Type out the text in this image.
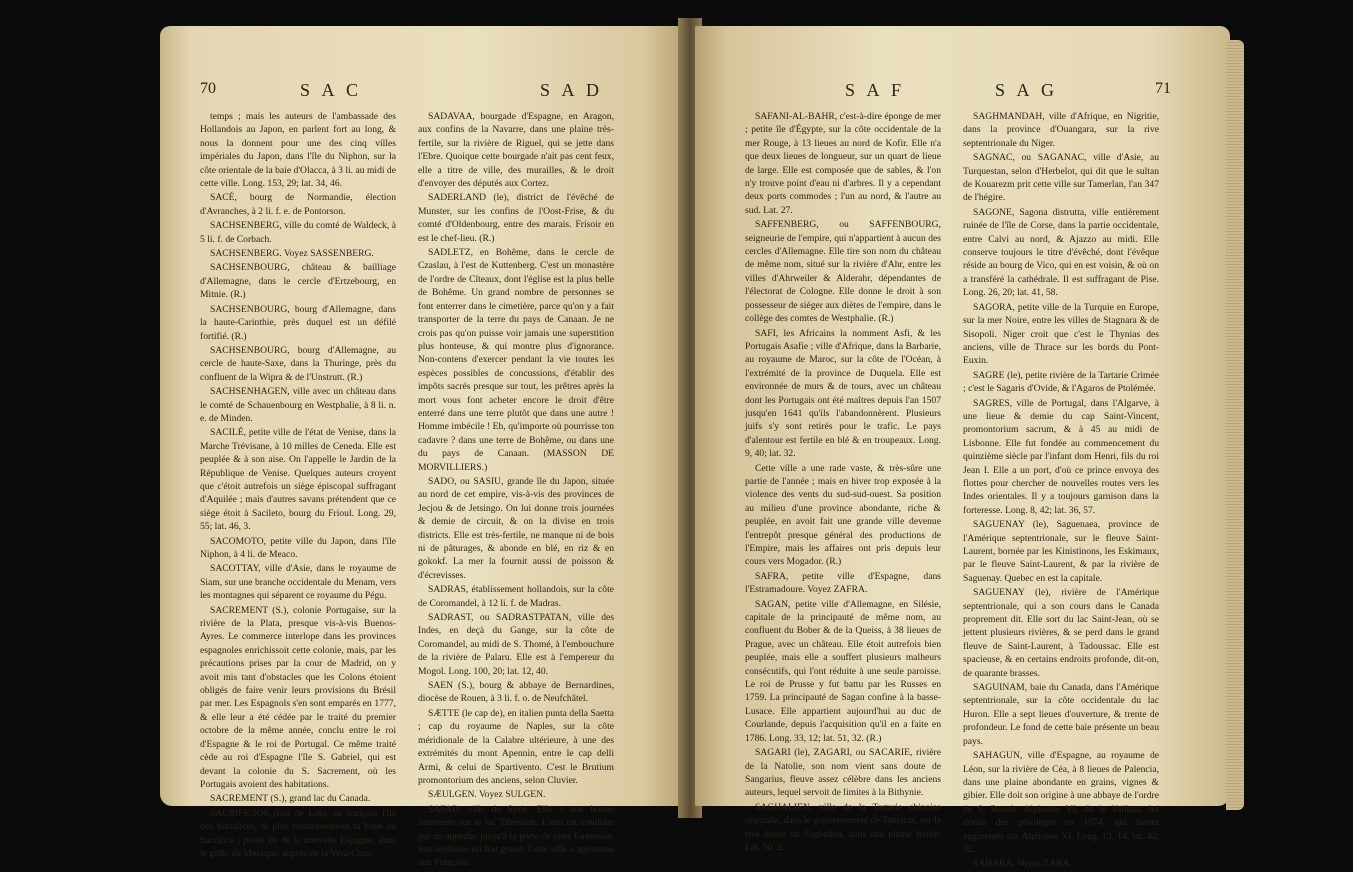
70	S A C	S A D

temps ; mais les auteurs de l'ambassade des Hollandois au Japon, en parlent fort au long, & nous la donnent pour une des cinq villes impériales du Japon, dans l'île du Niphon, sur la côte orientale de la baie d'Olacca, à 3 li. au midi de cette ville. Long. 153, 29; lat. 34, 46.

SACÉ, bourg de Normandie, élection d'Avranches, à 2 li. f. e. de Pontorson.

SACHSENBERG, ville du comté de Waldeck, à 5 li. f. de Corbach.

SACHSENBERG. Voyez SASSENBERG.

SACHSENBOURG, château & bailliage d'Allemagne, dans le cercle d'Ertzebourg, en Mitnie. (R.)

SACHSENBOURG, bourg d'Allemagne, dans la haute-Carinthie, près duquel est un défilé fortifié. (R.)

SACHSENBOURG, bourg d'Allemagne, au cercle de haute-Saxe, dans la Thuringe, près du confluent de la Wipra & de l'Unstrutt. (R.)

SACHSENHAGEN, ville avec un château dans le comté de Schauenbourg en Westphalie, à 8 li. n. e. de Minden.

SACILÉ, petite ville de l'état de Venise, dans la Marche Trévisane, à 10 milles de Ceneda. Elle est peuplée & à son aise. On l'appelle le Jardin de la République de Venise. Quelques auteurs croyent que c'étoit autrefois un siège épiscopal suffragant d'Aquilée ; mais d'autres savans prétendent que ce siège étoit à Sacileto, bourg du Frioul. Long. 29, 55; lat. 46, 3.

SACOMOTO, petite ville du Japon, dans l'île Niphon, à 4 li. de Meaco.

SACOTTAY, ville d'Asie, dans le royaume de Siam, sur une branche occidentale du Menam, vers les montagnes qui séparent ce royaume du Pégu.

SACREMENT (S.), colonie Portugaise, sur la rivière de la Plata, presque vis-à-vis Buenos-Ayres. Le commerce interlope dans les provinces espagnoles enrichissoit cette colonie, mais, par les précautions prises par la cour de Madrid, on y avoit mis tant d'obstacles que les Colons étoient obligés de faire venir leurs provisions du Brésil par mer. Les Espagnols s'en sont emparés en 1777, & elle leur a été cédée par le traité du premier octobre de la même année, conclu entre le roi d'Espagne & le roi de Portugal. Ce même traité cède au roi d'Espagne l'île S. Gabriel, qui est devant la colonie du S. Sacrement, où les Portugais avoient des habitations.

SACREMENT (S.), grand lac du Canada.

SACRIFICIOS (Isla de Los), en françois l'île des Sacrifices, & plus communément la baye du Sacrifice ; petite île de la nouvelle Espagne, dans le golfe du Mexique, auprès de la Vera-Cruz.

SADAVAA, bourgade d'Espagne, en Aragon, aux confins de la Navarre, dans une plaine très-fertile, sur la rivière de Riguel, qui se jette dans l'Ebre. Quoique cette bourgade n'ait pas cent feux, elle a titre de ville, des murailles, & le droit d'envoyer des députés aux Cortez.

SADERLAND (le), district de l'évêché de Munster, sur les confins de l'Oost-Frise, & du comté d'Oldenbourg, entre des marais. Frisoir en est le chef-lieu. (R.)

SADLETZ, en Bohême, dans le cercle de Czaslau, à l'est de Kuttenberg. C'est un monastère de l'ordre de Cîteaux, dont l'église est la plus belle de Bohême. Un grand nombre de personnes se font enterrer dans le cimetière, parce qu'on y a fait transporter de la terre du pays de Canaan. Je ne crois pas qu'on puisse voir jamais une superstition plus honteuse, & qui montre plus d'ignorance. Non-contens d'exercer pendant la vie toutes les espèces possibles de concussions, d'établir des impôts sacrés presque sur tout, les prêtres après la mort vous font acheter encore le droit d'être enterré dans une terre plutôt que dans une autre ! Homme imbécile ! Eh, qu'importe où pourrisse ton cadavre ? dans une terre de Bohême, ou dans une du pays de Canaan. (MASSON DE MORVILLIERS.)

SADO, ou SASIU, grande île du Japon, située au nord de cet empire, vis-à-vis des provinces de Jecjou & de Jetsingo. On lui donne trois journées & demie de circuit, & on la divise en trois districts. Elle est très-fertile, ne manque ni de bois ni de pâturages, & abonde en blé, en riz & en gokokf. La mer la fournit aussi de poisson & d'écrevisses.

SADRAS, établissement hollandois, sur la côte de Coromandel, à 12 li. f. de Madras.

SADRAST, ou SADRASTPATAN, ville des Indes, en deçà du Gange, sur la côte de Coromandel, au midi de S. Thomé, à l'embouchure de la rivière de Palaru. Elle est à l'empereur du Mogol. Long. 100, 20; lat. 12, 40.

SAEN (S.), bourg & abbaye de Bernardines, diocèse de Rouen, à 3 li. f. o. de Neufchâtel.

SÆTTE (le cap de), en italien punta della Saetta ; cap du royaume de Naples, sur la côte méridionale de la Calabre ultérieure, à une des extrémités du mont Apennin, entre le cap delli Armi, & celui de Spartivento. C'est le Brutium promontorium des anciens, selon Cluvier.

SÆULGEN. Voyez SULGEN.

SAFAD, ville de Syrie. Elle a une bonne forteresse sur le lac Tibériade. L'eau est conduite par un aqueduc jusqu'à la porte de cette forteresse. Son territoire est fort grand. Cette ville a appartenu aux François.

S A F	S A G	71

SAFANI-AL-BAHR, c'est-à-dire éponge de mer ; petite île d'Égypte, sur la côte occidentale de la mer Rouge, à 13 lieues au nord de Kofir. Elle n'a que deux lieues de longueur, sur un quart de lieue de large. Elle est composée que de sables, & l'on n'y trouve point d'eau ni d'arbres. Il y a cependant deux ports commodes ; l'un au nord, & l'autre au sud. Lat. 27.

SAFFENBERG, ou SAFFENBOURG, seigneurie de l'empire, qui n'appartient à aucun des cercles d'Allemagne. Elle tire son nom du château de même nom, situé sur la rivière d'Ahr, entre les villes d'Ahrweiler & Alderahr, dépendantes de l'électorat de Cologne. Elle donne le droit à son possesseur de siéger aux diètes de l'empire, dans le collège des comtes de Westphalie. (R.)

SAFI, les Africains la nomment Asfi, & les Portugais Asafie ; ville d'Afrique, dans la Barbarie, au royaume de Maroc, sur la côte de l'Océan, à l'extrémité de la province de Duquela. Elle est environnée de murs & de tours, avec un château dont les Portugais ont été maîtres depuis l'an 1507 jusqu'en 1641 qu'ils l'abandonnèrent. Plusieurs juifs s'y sont retirés pour le trafic. Le pays d'alentour est fertile en blé & en troupeaux. Long. 9, 40; lat. 32.

Cette ville a une rade vaste, & très-sûre une partie de l'année ; mais en hiver trop exposée à la violence des vents du sud-sud-ouest. Sa position au milieu d'une province abondante, riche & peuplée, en avoit fait une grande ville devenue l'entrepôt presque général des productions de l'Empire, mais les affaires ont pris depuis leur cours vers Mogador. (R.)

SAFRA, petite ville d'Espagne, dans l'Estramadoure. Voyez ZAFRA.

SAGAN, petite ville d'Allemagne, en Silésie, capitale de la principauté de même nom, au confluent du Bober & de la Queiss, à 38 lieues de Prague, avec un château. Elle étoit autrefois bien peuplée, mais elle a souffert plusieurs malheurs consécutifs, qui l'ont réduite à une seule paroisse. Le roi de Prusse y fut battu par les Russes en 1759. La principauté de Sagan confine à la basse-Lusace. Elle appartient aujourd'hui au duc de Courlande, depuis l'acquisition qu'il en a faite en 1786. Long. 33, 12; lat. 51, 32. (R.)

SAGARI (le), ZAGARI, ou SACARIE, rivière de la Natolie, son nom vient sans doute de Sangarius, fleuve assez célèbre dans les anciens auteurs, lequel servoit de limites à la Bithynie.

SAGHALIEN, ville de la Tartarie chinoise orientale, dans le gouvernement de Tsitcicar, sur la rive droite du Saghalien, dans une plaine fertile. Lat. 50, 2.

SAGHMANDAH, ville d'Afrique, en Nigritie, dans la province d'Ouangara, sur la rive septentrionale du Niger.

SAGNAC, ou SAGANAC, ville d'Asie, au Turquestan, selon d'Herbelot, qui dit que le sultan de Kouarezm prit cette ville sur Tamerlan, l'an 347 de l'hégire.

SAGONE, Sagona distrutta, ville entièrement ruinée de l'île de Corse, dans la partie occidentale, entre Calvi au nord, & Ajazzo au midi. Elle conserve toujours le titre d'évêché, dont l'évêque réside au bourg de Vico, qui en est voisin, & où on a transféré la cathédrale. Il est suffragant de Pise. Long. 26, 20; lat. 41, 58.

SAGORA, petite ville de la Turquie en Europe, sur la mer Noire, entre les villes de Stagnara & de Sisopoli. Niger croit que c'est le Thynias des anciens, ville de Thrace sur les bords du Pont-Euxin.

SAGRE (le), petite rivière de la Tartarie Crimée ; c'est le Sagaris d'Ovide, & l'Agaros de Ptolémée.

SAGRES, ville de Portugal, dans l'Algarve, à une lieue & demie du cap Saint-Vincent, promontorium sacrum, & à 45 au midi de Lisbonne. Elle fut fondée au commencement du quinzième siècle par l'infant dom Henri, fils du roi Jean I. Elle a un port, d'où ce prince envoya des flottes pour chercher de nouvelles routes vers les Indes orientales. Il y a toujours garnison dans la forteresse. Long. 8, 42; lat. 36, 57.

SAGUENAY (le), Saguenaea, province de l'Amérique septentrionale, sur le fleuve Saint-Laurent, bornée par les Kinistinons, les Eskimaux, par le fleuve Saint-Laurent, & par la rivière de Saguenay. Quebec en est la capitale.

SAGUENAY (le), rivière de l'Amérique septentrionale, qui a son cours dans le Canada proprement dit. Elle sort du lac Saint-Jean, où se jettent plusieurs rivières, & se perd dans le grand fleuve de Saint-Laurent, à Tadoussac. Elle est spacieuse, & en certains endroits profonde, dit-on, de quarante brasses.

SAGUINAM, baie du Canada, dans l'Amérique septentrionale, sur la côte occidentale du lac Huron. Elle a sept lieues d'ouverture, & trente de profondeur. Le fond de cette baie présente un beau pays.

SAHAGUN, ville d'Espagne, au royaume de Léon, sur la rivière de Céa, à 8 lieues de Palencia, dans une plaine abondante en grains, vignes & gibier. Elle doit son origine à une abbaye de l'ordre de S. Benoît. Alphonse VI, dit le Vaillant, lui donna des privilèges en 1074, qui furent augmentés par Alphonse XI. Long. 13, 14; lat. 42, 32.

SAHARA. Voyez ZARA.
